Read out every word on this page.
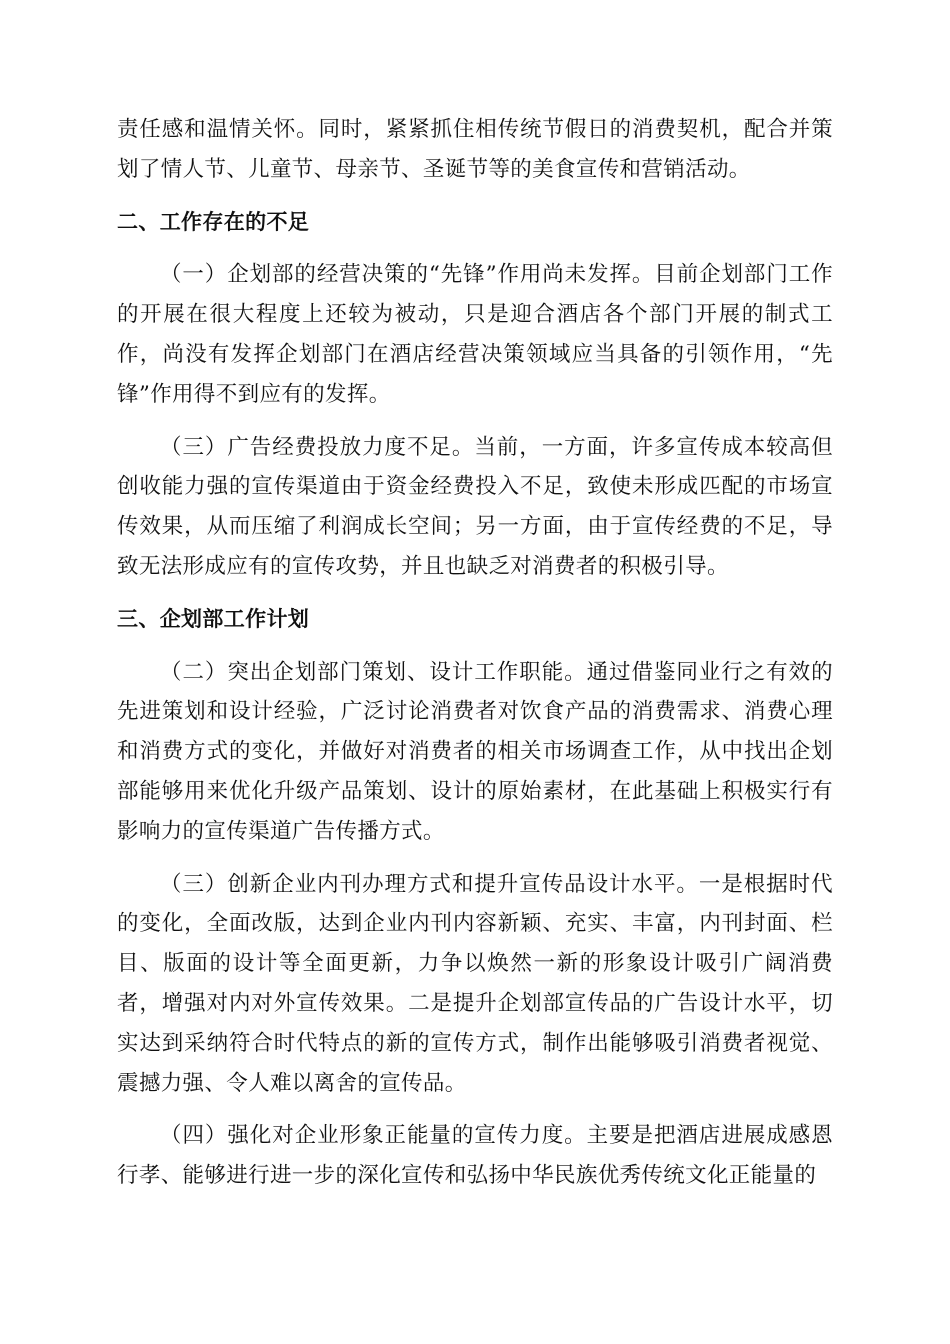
责任感和温情关怀。同时，紧紧抓住相传统节假日的消费契机，配合并策划了情人节、儿童节、母亲节、圣诞节等的美食宣传和营销活动。

二、工作存在的不足

（一）企划部的经营决策的“先锋”作用尚未发挥。目前企划部门工作的开展在很大程度上还较为被动，只是迎合酒店各个部门开展的制式工作，尚没有发挥企划部门在酒店经营决策领域应当具备的引领作用，“先锋”作用得不到应有的发挥。

（三）广告经费投放力度不足。当前，一方面，许多宣传成本较高但创收能力强的宣传渠道由于资金经费投入不足，致使未形成匹配的市场宣传效果，从而压缩了利润成长空间；另一方面，由于宣传经费的不足，导致无法形成应有的宣传攻势，并且也缺乏对消费者的积极引导。

三、企划部工作计划

（二）突出企划部门策划、设计工作职能。通过借鉴同业行之有效的先进策划和设计经验，广泛讨论消费者对饮食产品的消费需求、消费心理和消费方式的变化，并做好对消费者的相关市场调查工作，从中找出企划部能够用来优化升级产品策划、设计的原始素材，在此基础上积极实行有影响力的宣传渠道广告传播方式。

（三）创新企业内刊办理方式和提升宣传品设计水平。一是根据时代的变化，全面改版，达到企业内刊内容新颖、充实、丰富，内刊封面、栏目、版面的设计等全面更新，力争以焕然一新的形象设计吸引广阔消费者，增强对内对外宣传效果。二是提升企划部宣传品的广告设计水平，切实达到采纳符合时代特点的新的宣传方式，制作出能够吸引消费者视觉、震撼力强、令人难以离舍的宣传品。

（四）强化对企业形象正能量的宣传力度。主要是把酒店进展成感恩行孝、能够进行进一步的深化宣传和弘扬中华民族优秀传统文化正能量的
